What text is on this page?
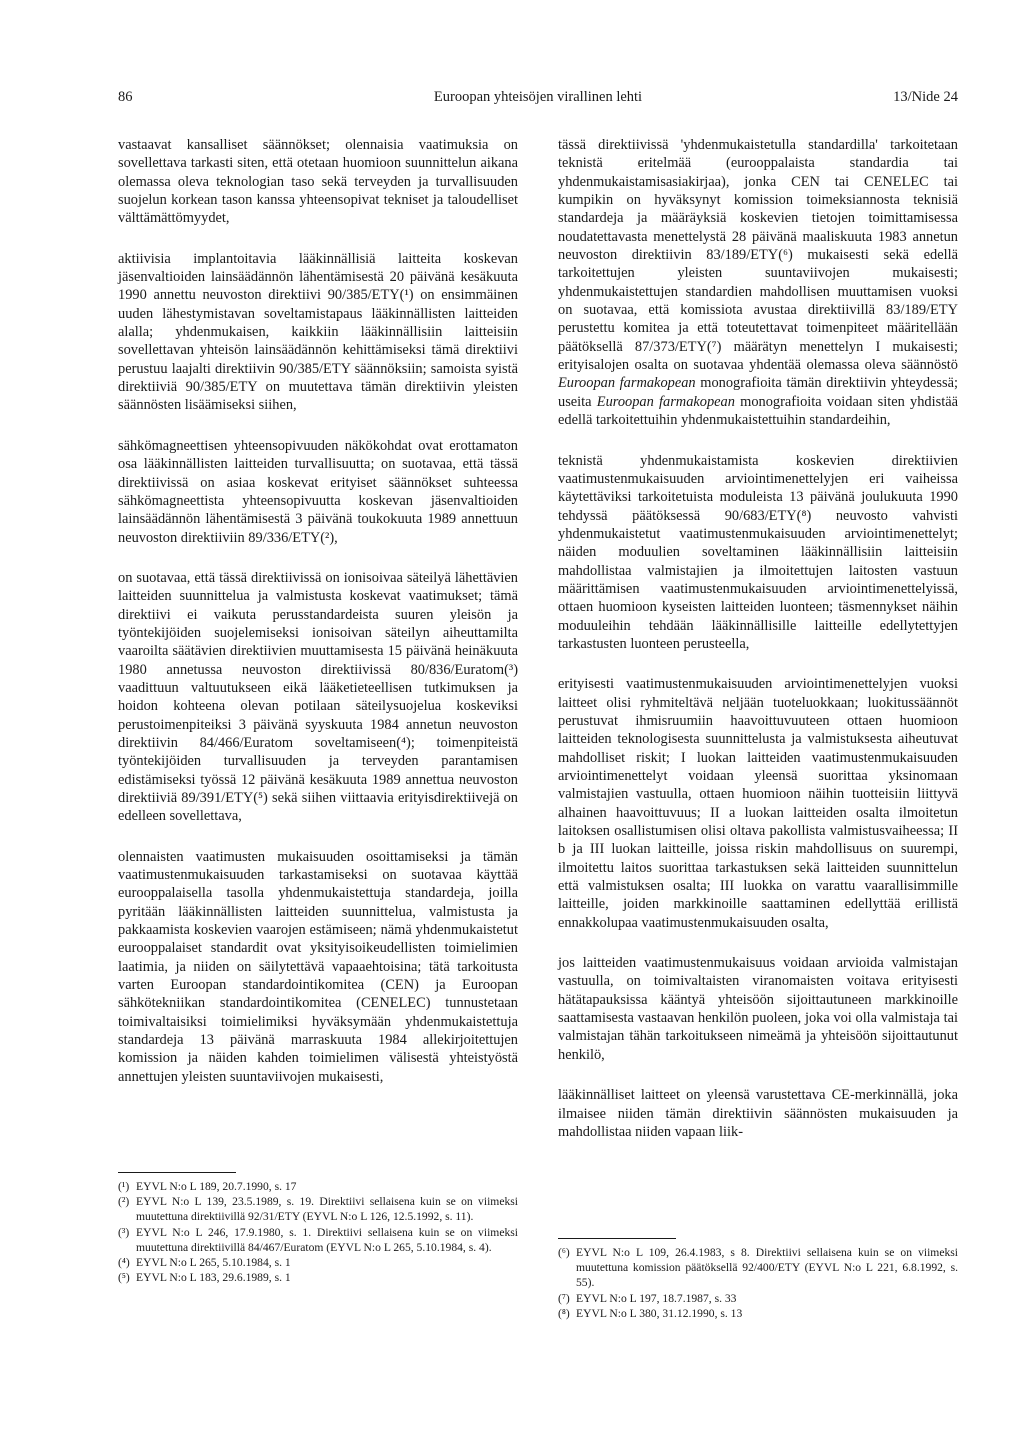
86	Euroopan yhteisöjen virallinen lehti	13/Nide 24

vastaavat kansalliset säännökset; olennaisia vaatimuksia on sovellettava tarkasti siten, että otetaan huomioon suunnittelun aikana olemassa oleva teknologian taso sekä terveyden ja turvallisuuden suojelun korkean tason kanssa yhteensopivat tekniset ja taloudelliset välttämättömyydet,

aktiivisia implantoitavia lääkinnällisiä laitteita koskevan jäsenvaltioiden lainsäädännön lähentämisestä 20 päivänä kesäkuuta 1990 annettu neuvoston direktiivi 90/385/ETY(¹) on ensimmäinen uuden lähestymistavan soveltamistapaus lääkinnällisten laitteiden alalla; yhdenmukaisen, kaikkiin lääkinnällisiin laitteisiin sovellettavan yhteisön lainsäädännön kehittämiseksi tämä direktiivi perustuu laajalti direktiivin 90/385/ETY säännöksiin; samoista syistä direktiiviä 90/385/ETY on muutettava tämän direktiivin yleisten säännösten lisäämiseksi siihen,

sähkömagneettisen yhteensopivuuden näkökohdat ovat erottamaton osa lääkinnällisten laitteiden turvallisuutta; on suotavaa, että tässä direktiivissä on asiaa koskevat erityiset säännökset suhteessa sähkömagneettista yhteensopivuutta koskevan jäsenvaltioiden lainsäädännön lähentämisestä 3 päivänä toukokuuta 1989 annettuun neuvoston direktiiviin 89/336/ETY(²),

on suotavaa, että tässä direktiivissä on ionisoivaa säteilyä lähettävien laitteiden suunnittelua ja valmistusta koskevat vaatimukset; tämä direktiivi ei vaikuta perusstandardeista suuren yleisön ja työntekijöiden suojelemiseksi ionisoivan säteilyn aiheuttamilta vaaroilta säätävien direktiivien muuttamisesta 15 päivänä heinäkuuta 1980 annetussa neuvoston direktiivissä 80/836/Euratom(³) vaadittuun valtuutukseen eikä lääketieteellisen tutkimuksen ja hoidon kohteena olevan potilaan säteilysuojelua koskeviksi perustoimenpiteiksi 3 päivänä syyskuuta 1984 annetun neuvoston direktiivin 84/466/Euratom soveltamiseen(⁴); toimenpiteistä työntekijöiden turvallisuuden ja terveyden parantamisen edistämiseksi työssä 12 päivänä kesäkuuta 1989 annettua neuvoston direktiiviä 89/391/ETY(⁵) sekä siihen viittaavia erityisdirektiivejä on edelleen sovellettava,

olennaisten vaatimusten mukaisuuden osoittamiseksi ja tämän vaatimustenmukaisuuden tarkastamiseksi on suotavaa käyttää eurooppalaisella tasolla yhdenmukaistettuja standardeja, joilla pyritään lääkinnällisten laitteiden suunnittelua, valmistusta ja pakkaamista koskevien vaarojen estämiseen; nämä yhdenmukaistetut eurooppalaiset standardit ovat yksityisoikeudellisten toimielimien laatimia, ja niiden on säilytettävä vapaaehtoisina; tätä tarkoitusta varten Euroopan standardointikomitea (CEN) ja Euroopan sähkötekniikan standardointikomitea (CENELEC) tunnustetaan toimivaltaisiksi toimielimiksi hyväksymään yhdenmukaistettuja standardeja 13 päivänä marraskuuta 1984 allekirjoitettujen komission ja näiden kahden toimielimen välisestä yhteistyöstä annettujen yleisten suuntaviivojen mukaisesti,

tässä direktiivissä 'yhdenmukaistetulla standardilla' tarkoitetaan teknistä eritelmää (eurooppalaista standardia tai yhdenmukaistamisasiakirjaa), jonka CEN tai CENELEC tai kumpikin on hyväksynyt komission toimeksiannosta teknisiä standardeja ja määräyksiä koskevien tietojen toimittamisessa noudatettavasta menettelystä 28 päivänä maaliskuuta 1983 annetun neuvoston direktiivin 83/189/ETY(⁶) mukaisesti sekä edellä tarkoitettujen yleisten suuntaviivojen mukaisesti; yhdenmukaistettujen standardien mahdollisen muuttamisen vuoksi on suotavaa, että komissiota avustaa direktiivillä 83/189/ETY perustettu komitea ja että toteutettavat toimenpiteet määritellään päätöksellä 87/373/ETY(⁷) määrätyn menettelyn I mukaisesti; erityisalojen osalta on suotavaa yhdentää olemassa oleva säännöstö Euroopan farmakopean monografioita tämän direktiivin yhteydessä; useita Euroopan farmakopean monografioita voidaan siten yhdistää edellä tarkoitettuihin yhdenmukaistettuihin standardeihin,

teknistä yhdenmukaistamista koskevien direktiivien vaatimustenmukaisuuden arviointimenettelyjen eri vaiheissa käytettäviksi tarkoitetuista moduleista 13 päivänä joulukuuta 1990 tehdyssä päätöksessä 90/683/ETY(⁸) neuvosto vahvisti yhdenmukaistetut vaatimustenmukaisuuden arviointimenettelyt; näiden moduulien soveltaminen lääkinnällisiin laitteisiin mahdollistaa valmistajien ja ilmoitettujen laitosten vastuun määrittämisen vaatimustenmukaisuuden arviointimenettelyissä, ottaen huomioon kyseisten laitteiden luonteen; täsmennykset näihin moduuleihin tehdään lääkinnällisille laitteille edellytettyjen tarkastusten luonteen perusteella,

erityisesti vaatimustenmukaisuuden arviointimenettelyjen vuoksi laitteet olisi ryhmiteltävä neljään tuoteluokkaan; luokitussäännöt perustuvat ihmisruumiin haavoittuvuuteen ottaen huomioon laitteiden teknologisesta suunnittelusta ja valmistuksesta aiheutuvat mahdolliset riskit; I luokan laitteiden vaatimustenmukaisuuden arviointimenettelyt voidaan yleensä suorittaa yksinomaan valmistajien vastuulla, ottaen huomioon näihin tuotteisiin liittyvä alhainen haavoittuvuus; II a luokan laitteiden osalta ilmoitetun laitoksen osallistumisen olisi oltava pakollista valmistusvaiheessa; II b ja III luokan laitteille, joissa riskin mahdollisuus on suurempi, ilmoitettu laitos suorittaa tarkastuksen sekä laitteiden suunnittelun että valmistuksen osalta; III luokka on varattu vaarallisimmille laitteille, joiden markkinoille saattaminen edellyttää erillistä ennakkolupaa vaatimustenmukaisuuden osalta,

jos laitteiden vaatimustenmukaisuus voidaan arvioida valmistajan vastuulla, on toimivaltaisten viranomaisten voitava erityisesti hätätapauksissa kääntyä yhteisöön sijoittautuneen markkinoille saattamisesta vastaavan henkilön puoleen, joka voi olla valmistaja tai valmistajan tähän tarkoitukseen nimeämä ja yhteisöön sijoittautunut henkilö,

lääkinnälliset laitteet on yleensä varustettava CE-merkinnällä, joka ilmaisee niiden tämän direktiivin säännösten mukaisuuden ja mahdollistaa niiden vapaan liik-

(¹) EYVL N:o L 189, 20.7.1990, s. 17

(²) EYVL N:o L 139, 23.5.1989, s. 19. Direktiivi sellaisena kuin se on viimeksi muutettuna direktiivillä 92/31/ETY (EYVL N:o L 126, 12.5.1992, s. 11).

(³) EYVL N:o L 246, 17.9.1980, s. 1. Direktiivi sellaisena kuin se on viimeksi muutettuna direktiivillä 84/467/Euratom (EYVL N:o L 265, 5.10.1984, s. 4).

(⁴) EYVL N:o L 265, 5.10.1984, s. 1

(⁵) EYVL N:o L 183, 29.6.1989, s. 1

(⁶) EYVL N:o L 109, 26.4.1983, s 8. Direktiivi sellaisena kuin se on viimeksi muutettuna komission päätöksellä 92/400/ETY (EYVL N:o L 221, 6.8.1992, s. 55).

(⁷) EYVL N:o L 197, 18.7.1987, s. 33

(⁸) EYVL N:o L 380, 31.12.1990, s. 13
